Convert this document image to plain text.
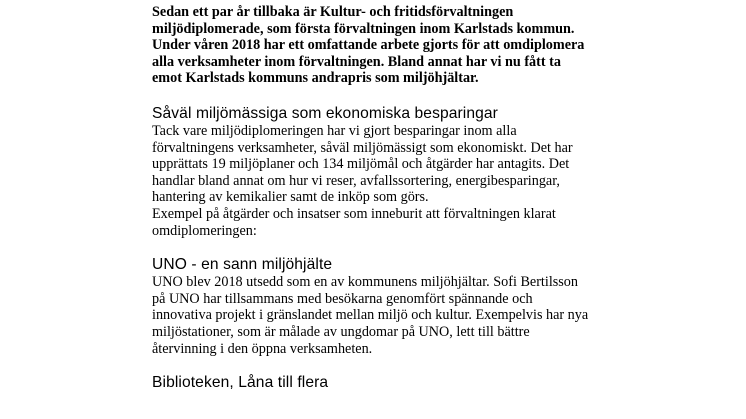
Sedan ett par år tillbaka är Kultur- och fritidsförvaltningen
miljödiplomerade, som första förvaltningen inom Karlstads kommun.
Under våren 2018 har ett omfattande arbete gjorts för att omdiplomera
alla verksamheter inom förvaltningen. Bland annat har vi nu fått ta
emot Karlstads kommuns andrapris som miljöhjältar.

Såväl miljömässiga som ekonomiska besparingar

Tack vare miljödiplomeringen har vi gjort besparingar inom alla
förvaltningens verksamheter, såväl miljömässigt som ekonomiskt. Det har
upprättats 19 miljöplaner och 134 miljömål och åtgärder har antagits. Det
handlar bland annat om hur vi reser, avfallssortering, energibesparingar,
hantering av kemikalier samt de inköp som görs.

Exempel på åtgärder och insatser som inneburit att förvaltningen klarat
omdiplomeringen:

UNO - en sann miljöhjälte

UNO blev 2018 utsedd som en av kommunens miljöhjältar. Sofi Bertilsson
på UNO har tillsammans med besökarna genomfört spännande och
innovativa projekt i gränslandet mellan miljö och kultur. Exempelvis har nya
miljöstationer, som är målade av ungdomar på UNO, lett till bättre
återvinning i den öppna verksamheten.

Biblioteken, Låna till flera
